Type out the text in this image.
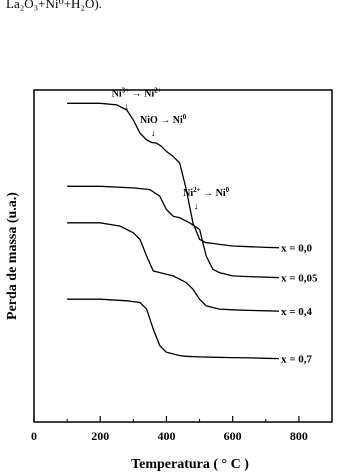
La₂O₃+Ni⁰+H₂O).
0	200	400	600	800
x = 0,0
x = 0,05
x = 0,4
x = 0,7
$Ni^{3+} \to Ni^{2+}$
↓
NiO → $Ni^0$
↓
$Ni^{2+} \to Ni^0$
↓
Temperatura ( ° C )
Perda de massa (u.a.)
